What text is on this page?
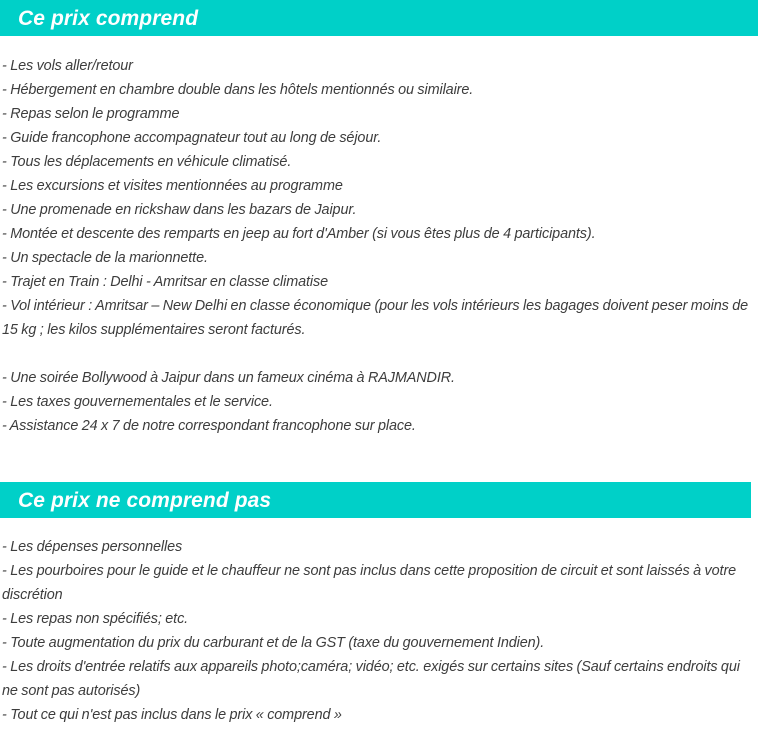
Ce prix comprend
- Les vols aller/retour
- Hébergement en chambre double dans les hôtels mentionnés ou similaire.
- Repas selon le programme
- Guide francophone accompagnateur tout au long de séjour.
- Tous les déplacements en véhicule climatisé.
- Les excursions et visites mentionnées au programme
- Une promenade en rickshaw dans les bazars de Jaipur.
- Montée et descente des remparts en jeep au fort d'Amber (si vous êtes plus de 4 participants).
- Un spectacle de la marionnette.
- Trajet en Train : Delhi - Amritsar en classe climatise
- Vol intérieur : Amritsar – New Delhi en classe économique (pour les vols intérieurs les bagages doivent peser moins de 15 kg ; les kilos supplémentaires seront facturés.
- Une soirée Bollywood à Jaipur dans un fameux cinéma à RAJMANDIR.
- Les taxes gouvernementales et le service.
- Assistance 24 x 7 de notre correspondant francophone sur place.
Ce prix ne comprend pas
- Les dépenses personnelles
- Les pourboires pour le guide et le chauffeur ne sont pas inclus dans cette proposition de circuit et sont laissés à votre discrétion
- Les repas non spécifiés; etc.
- Toute augmentation du prix du carburant et de la GST (taxe du gouvernement Indien).
- Les droits d'entrée relatifs aux appareils photo;caméra; vidéo; etc. exigés sur certains sites (Sauf certains endroits qui ne sont pas autorisés)
- Tout ce qui n'est pas inclus dans le prix « comprend »
